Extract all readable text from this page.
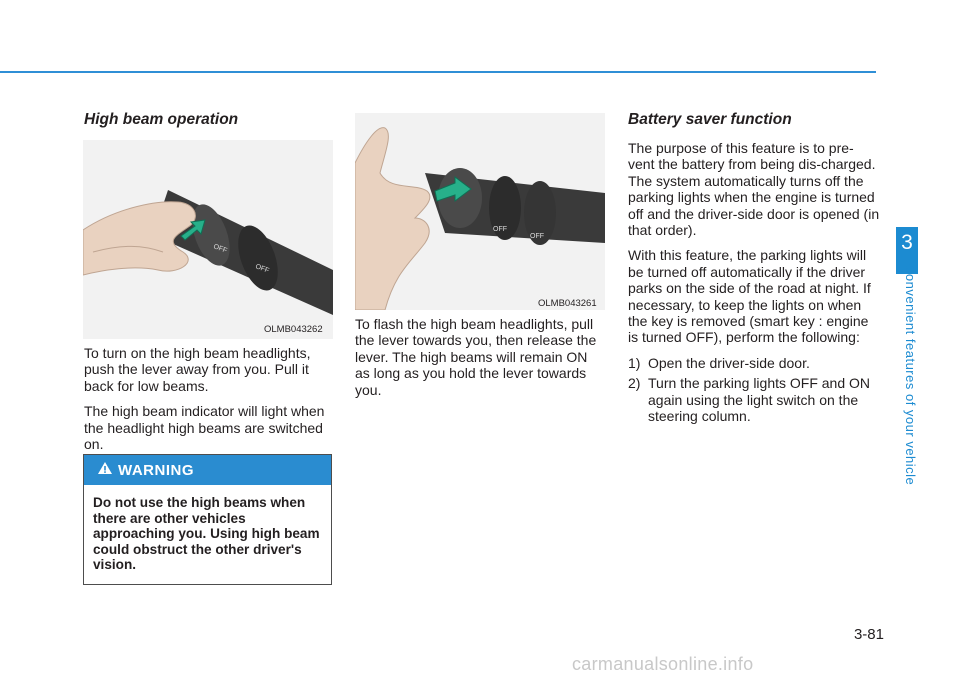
3
Convenient features of your vehicle
High beam operation
OFF
OFF
OLMB043262

To turn on the high beam headlights, push the lever away from you. Pull it back for low beams.

The high beam indicator will light when the headlight high beams are switched on.

WARNING
Do not use the high beams when there are other vehicles approaching you. Using high beam could obstruct the other driver's vision.
OFF
OFF
OLMB043261

To flash the high beam headlights, pull the lever towards you, then release the lever. The high beams will remain ON as long as you hold the lever towards you.

Battery saver function

The purpose of this feature is to pre-vent the battery from being dis-charged. The system automatically turns off the parking lights when the engine is turned off and the driver-side door is opened (in that order).

With this feature, the parking lights will be turned off automatically if the driver parks on the side of the road at night. If necessary, to keep the lights on when the key is removed (smart key : engine is turned OFF), perform the following:

1) Open the driver-side door.
2) Turn the parking lights OFF and ON again using the light switch on the steering column.
3-81
carmanualsonline.info
